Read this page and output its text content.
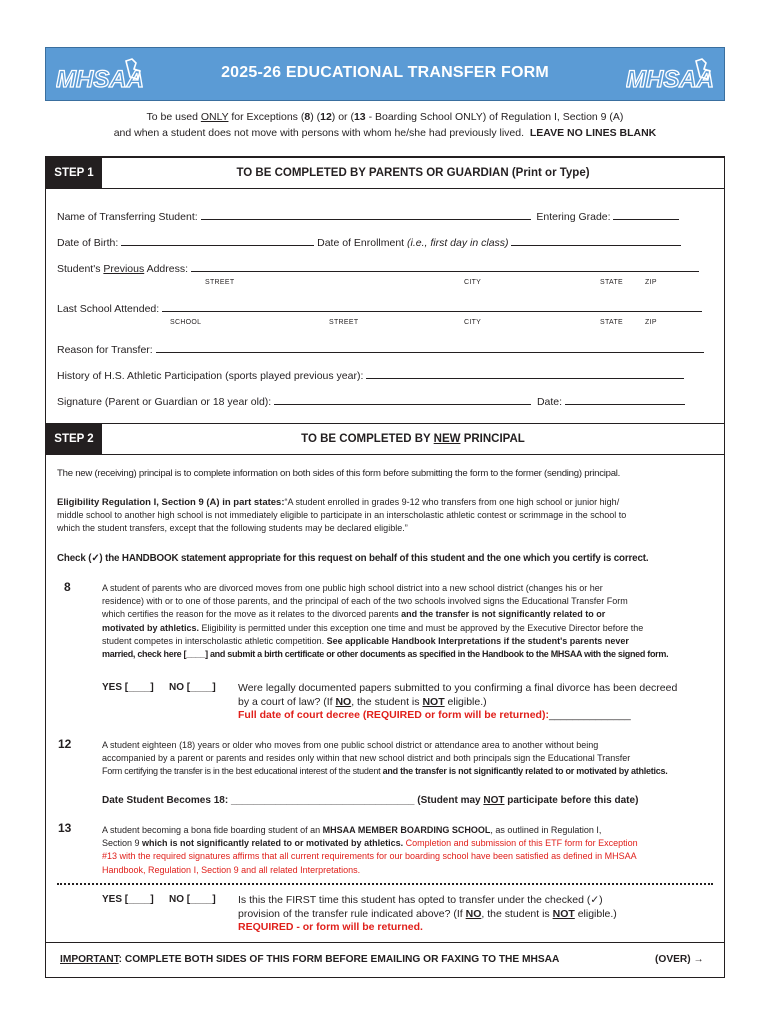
MHSAA	2025-26 EDUCATIONAL TRANSFER FORM	MHSAA
To be used ONLY for Exceptions (8) (12) or (13 - Boarding School ONLY) of Regulation I, Section 9 (A)
and when a student does not move with persons with whom he/she had previously lived. LEAVE NO LINES BLANK
STEP 1	TO BE COMPLETED BY PARENTS OR GUARDIAN (Print or Type)
Name of Transferring Student:	Entering Grade:
Date of Birth:	Date of Enrollment (i.e., first day in class)
Student's Previous Address:
STREET	CITY	STATE	ZIP
Last School Attended:
SCHOOL	STREET	CITY	STATE	ZIP
Reason for Transfer:
History of H.S. Athletic Participation (sports played previous year):
Signature (Parent or Guardian or 18 year old):	Date:
STEP 2	TO BE COMPLETED BY NEW PRINCIPAL
The new (receiving) principal is to complete information on both sides of this form before submitting the form to the former (sending) principal.
Eligibility Regulation I, Section 9 (A) in part states:“A student enrolled in grades 9-12 who transfers from one high school or junior high/
middle school to another high school is not immediately eligible to participate in an interscholastic athletic contest or scrimmage in the school to
which the student transfers, except that the following students may be declared eligible.”
Check (✓) the HANDBOOK statement appropriate for this request on behalf of this student and the one which you certify is correct.
8	A student of parents who are divorced moves from one public high school district into a new school district (changes his or her
residence) with or to one of those parents, and the principal of each of the two schools involved signs the Educational Transfer Form
which certifies the reason for the move as it relates to the divorced parents and the transfer is not significantly related to or
motivated by athletics. Eligibility is permitted under this exception one time and must be approved by the Executive Director before the
student competes in interscholastic athletic competition. See applicable Handbook Interpretations if the student's parents never
married, check here [____] and submit a birth certificate or other documents as specified in the Handbook to the MHSAA with the signed form.
YES [____] NO [____] Were legally documented papers submitted to you confirming a final divorce has been decreed
by a court of law? (If NO, the student is NOT eligible.)
Full date of court decree (REQUIRED or form will be returned):______________
12	A student eighteen (18) years or older who moves from one public school district or attendance area to another without being
accompanied by a parent or parents and resides only within that new school district and both principals sign the Educational Transfer
Form certifying the transfer is in the best educational interest of the student and the transfer is not significantly related to or motivated by athletics.
Date Student Becomes 18: _________________________________ (Student may NOT participate before this date)
13	A student becoming a bona fide boarding student of an MHSAA MEMBER BOARDING SCHOOL, as outlined in Regulation I,
Section 9 which is not significantly related to or motivated by athletics. Completion and submission of this ETF form for Exception
#13 with the required signatures affirms that all current requirements for our boarding school have been satisfied as defined in MHSAA
Handbook, Regulation I, Section 9 and all related Interpretations.
YES [____] NO [____] Is this the FIRST time this student has opted to transfer under the checked (✓)
provision of the transfer rule indicated above? (If NO, the student is NOT eligible.)
REQUIRED - or form will be returned.
IMPORTANT: COMPLETE BOTH SIDES OF THIS FORM BEFORE EMAILING OR FAXING TO THE MHSAA	(OVER) →
